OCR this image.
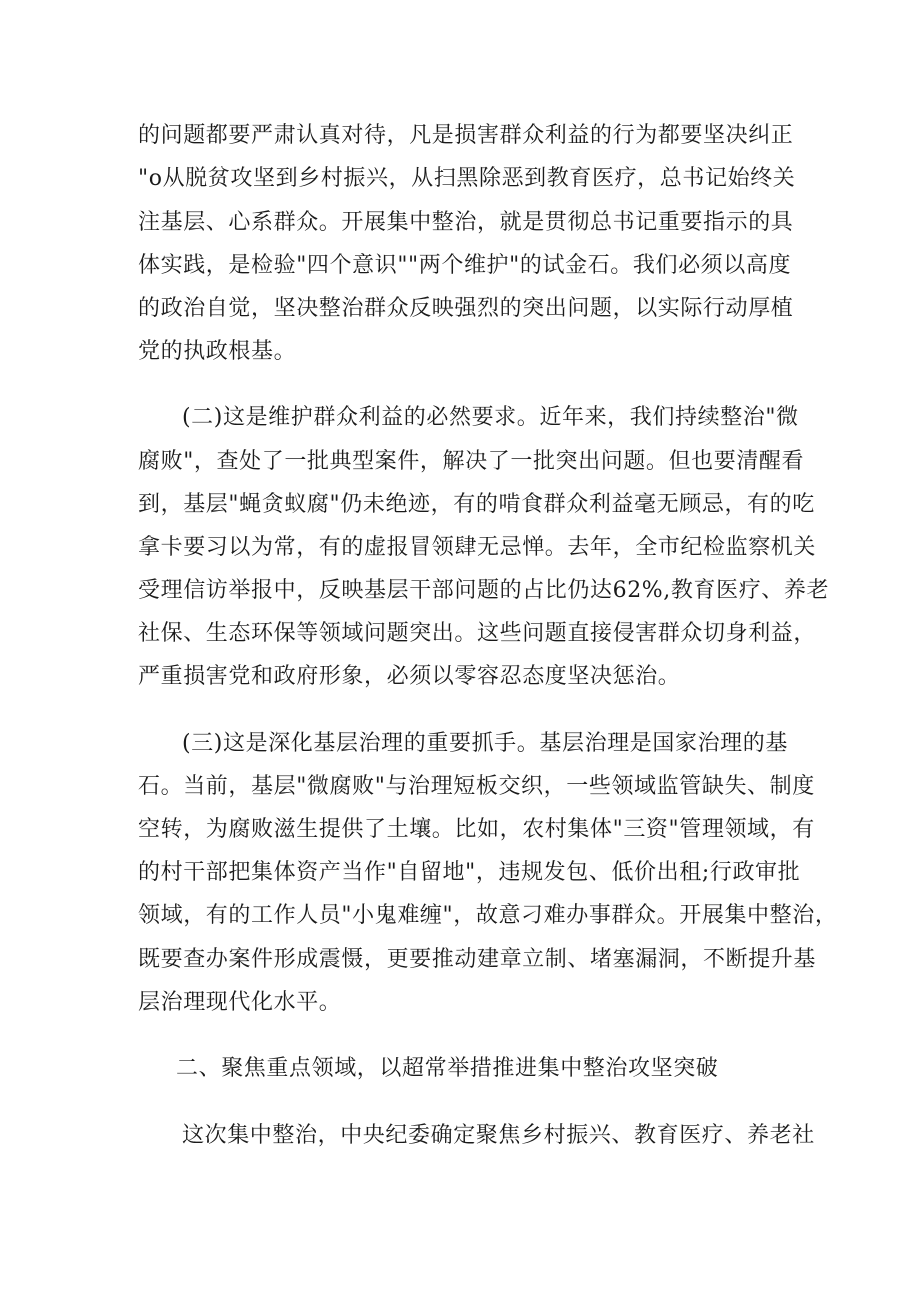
的问题都要严肃认真对待，凡是损害群众利益的行为都要坚决纠正
"o从脱贫攻坚到乡村振兴，从扫黑除恶到教育医疗，总书记始终关
注基层、心系群众。开展集中整治，就是贯彻总书记重要指示的具
体实践，是检验"四个意识""两个维护"的试金石。我们必须以高度
的政治自觉，坚决整治群众反映强烈的突出问题，以实际行动厚植
党的执政根基。
(二)这是维护群众利益的必然要求。近年来，我们持续整治"微
腐败"，查处了一批典型案件，解决了一批突出问题。但也要清醒看
到，基层"蝇贪蚁腐"仍未绝迹，有的啃食群众利益毫无顾忌，有的吃
拿卡要习以为常，有的虚报冒领肆无忌惮。去年，全市纪检监察机关
受理信访举报中，反映基层干部问题的占比仍达62%,教育医疗、养老
社保、生态环保等领域问题突出。这些问题直接侵害群众切身利益，
严重损害党和政府形象，必须以零容忍态度坚决惩治。
(三)这是深化基层治理的重要抓手。基层治理是国家治理的基
石。当前，基层"微腐败"与治理短板交织，一些领域监管缺失、制度
空转，为腐败滋生提供了土壤。比如，农村集体"三资"管理领域，有
的村干部把集体资产当作"自留地"，违规发包、低价出租;行政审批
领域，有的工作人员"小鬼难缠"，故意刁难办事群众。开展集中整治，
既要查办案件形成震慑，更要推动建章立制、堵塞漏洞，不断提升基
层治理现代化水平。
二、聚焦重点领域，以超常举措推进集中整治攻坚突破
这次集中整治，中央纪委确定聚焦乡村振兴、教育医疗、养老社
